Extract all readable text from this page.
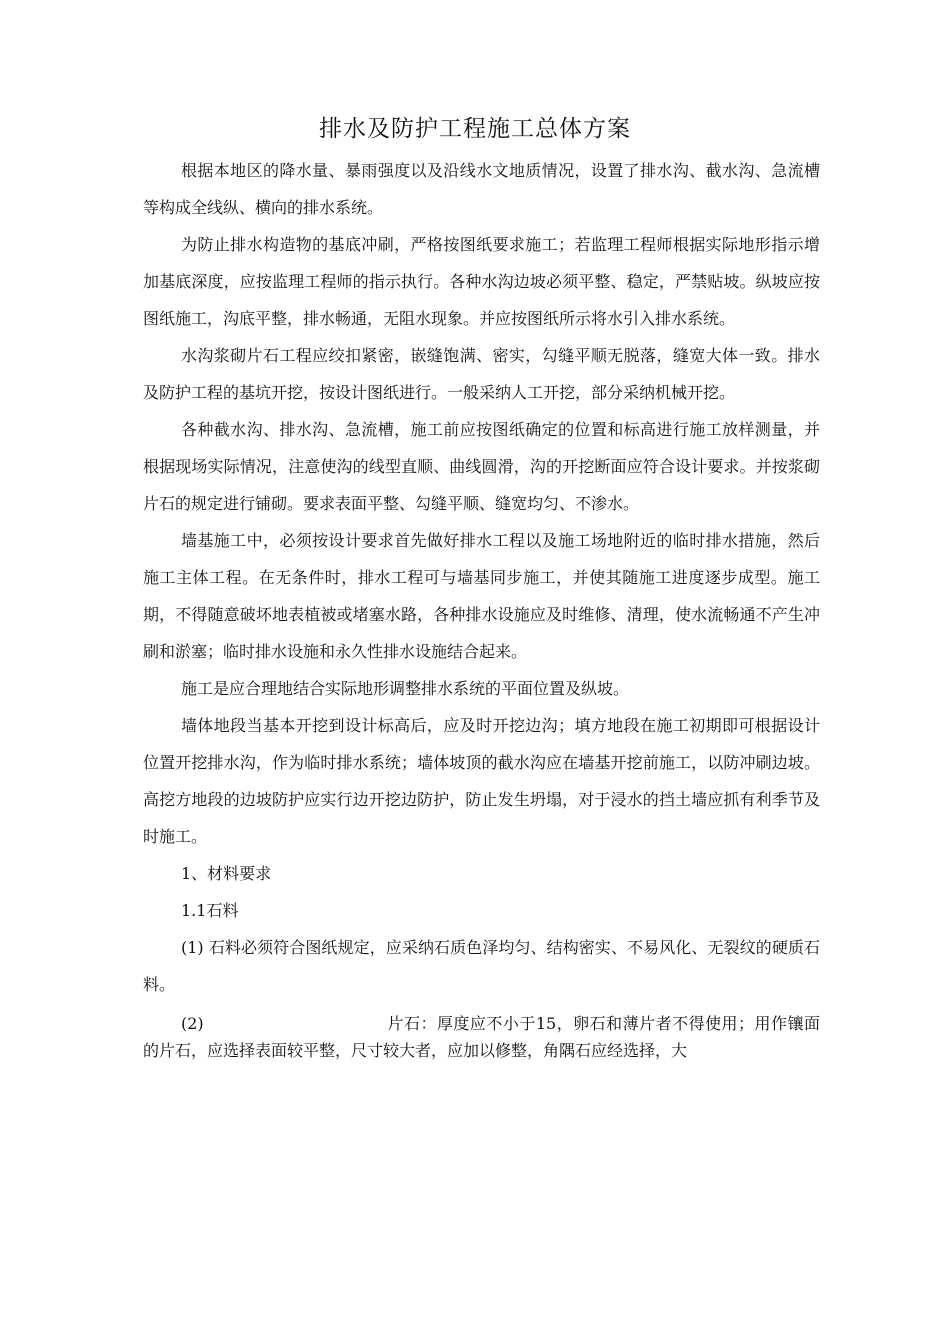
排水及防护工程施工总体方案

根据本地区的降水量、暴雨强度以及沿线水文地质情况，设置了排水沟、截水沟、急流槽等构成全线纵、横向的排水系统。

为防止排水构造物的基底冲刷，严格按图纸要求施工；若监理工程师根据实际地形指示增加基底深度，应按监理工程师的指示执行。各种水沟边坡必须平整、稳定，严禁贴坡。纵坡应按图纸施工，沟底平整，排水畅通，无阻水现象。并应按图纸所示将水引入排水系统。

水沟浆砌片石工程应绞扣紧密，嵌缝饱满、密实，勾缝平顺无脱落，缝宽大体一致。排水及防护工程的基坑开挖，按设计图纸进行。一般采纳人工开挖，部分采纳机械开挖。

各种截水沟、排水沟、急流槽，施工前应按图纸确定的位置和标高进行施工放样测量，并根据现场实际情况，注意使沟的线型直顺、曲线圆滑，沟的开挖断面应符合设计要求。并按浆砌片石的规定进行铺砌。要求表面平整、勾缝平顺、缝宽均匀、不渗水。

墙基施工中，必须按设计要求首先做好排水工程以及施工场地附近的临时排水措施，然后施工主体工程。在无条件时，排水工程可与墙基同步施工，并使其随施工进度逐步成型。施工期，不得随意破坏地表植被或堵塞水路，各种排水设施应及时维修、清理，使水流畅通不产生冲刷和淤塞；临时排水设施和永久性排水设施结合起来。

施工是应合理地结合实际地形调整排水系统的平面位置及纵坡。

墙体地段当基本开挖到设计标高后，应及时开挖边沟；填方地段在施工初期即可根据设计位置开挖排水沟，作为临时排水系统；墙体坡顶的截水沟应在墙基开挖前施工，以防冲刷边坡。高挖方地段的边坡防护应实行边开挖边防护，防止发生坍塌，对于浸水的挡土墙应抓有利季节及时施工。

1、材料要求

1.1石料

(1) 石料必须符合图纸规定，应采纳石质色泽均匀、结构密实、不易风化、无裂纹的硬质石料。

(2)	片石：厚度应不小于15，卵石和薄片者不得使用；用作镶面的片石，应选择表面较平整，尺寸较大者，应加以修整，角隅石应经选择，大
